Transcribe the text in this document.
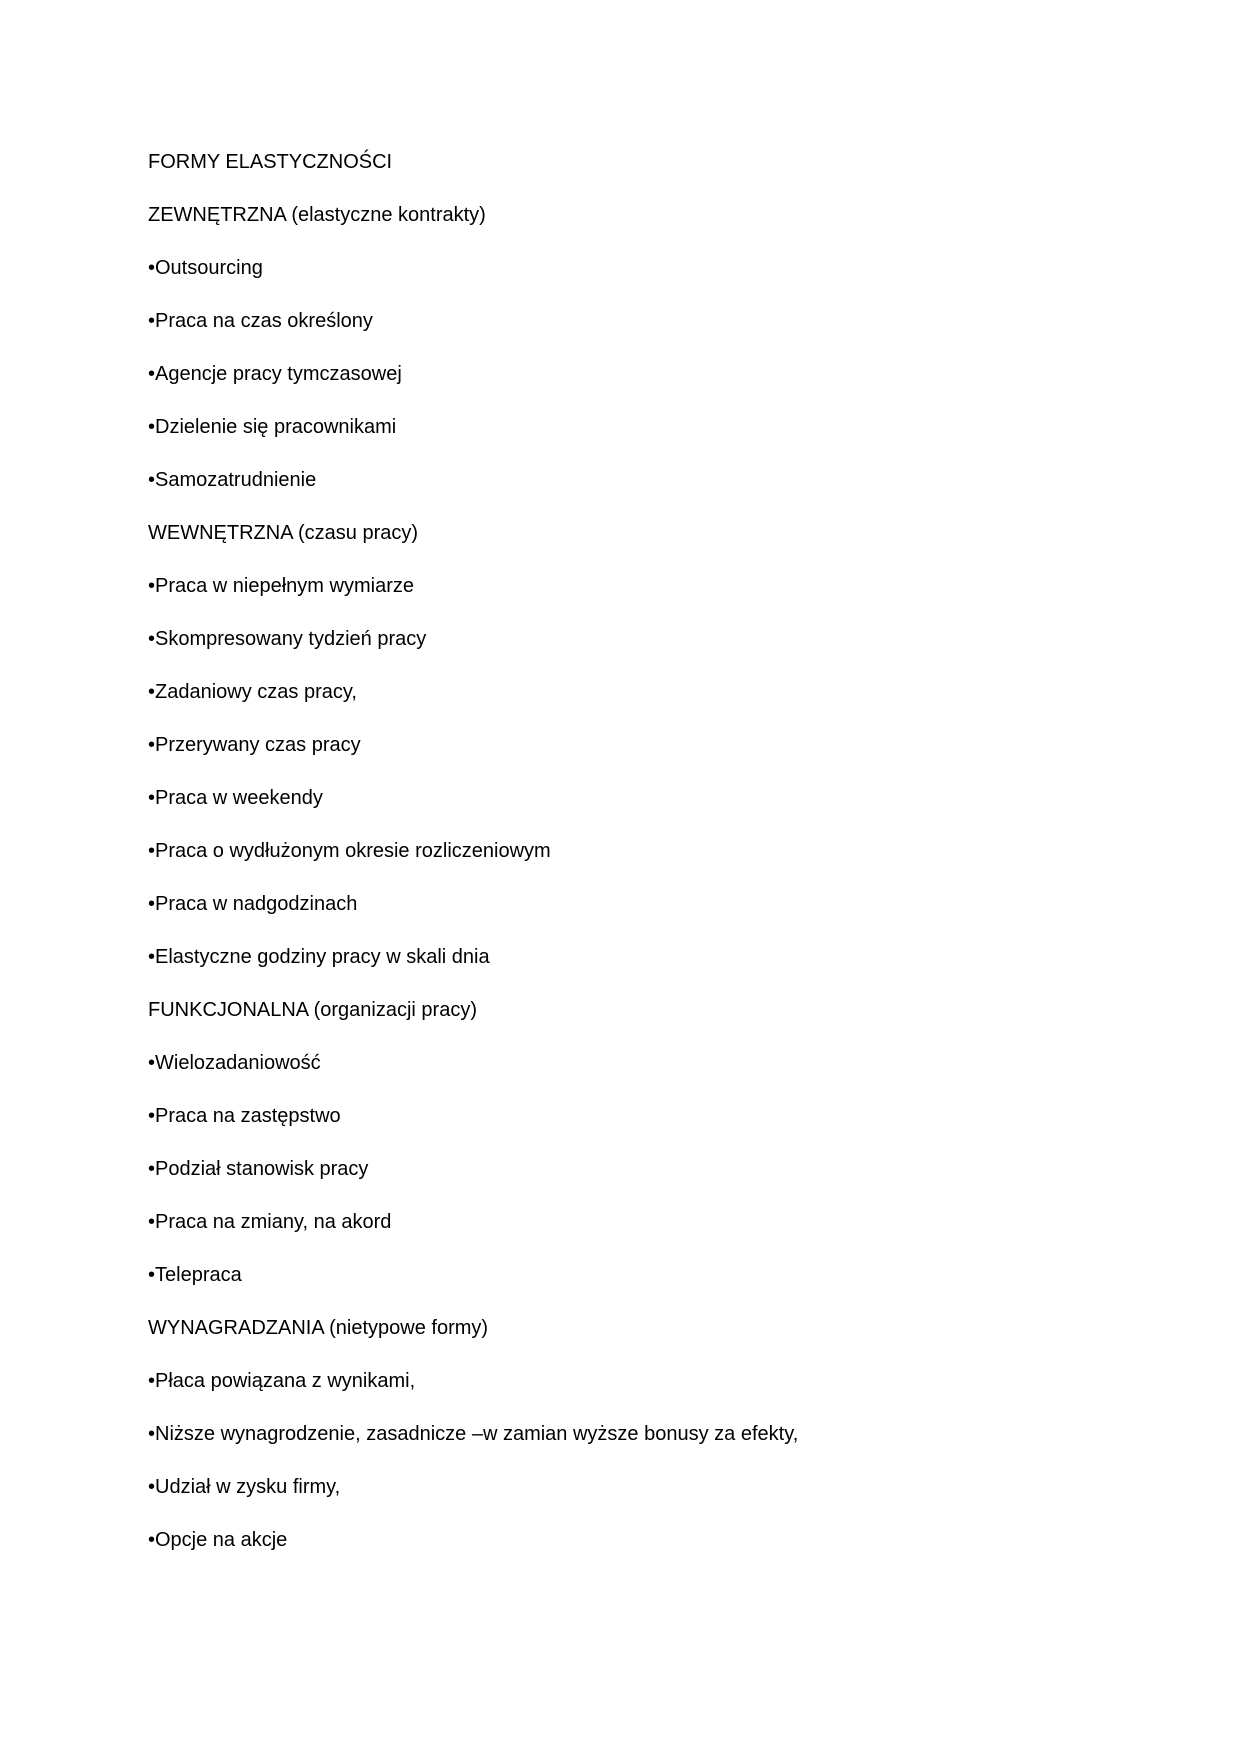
FORMY ELASTYCZNOŚCI
ZEWNĘTRZNA (elastyczne kontrakty)
•Outsourcing
•Praca na czas określony
•Agencje pracy tymczasowej
•Dzielenie się pracownikami
•Samozatrudnienie
WEWNĘTRZNA (czasu pracy)
•Praca w niepełnym wymiarze
•Skompresowany tydzień pracy
•Zadaniowy czas pracy,
•Przerywany czas pracy
•Praca w weekendy
•Praca o wydłużonym okresie rozliczeniowym
•Praca w nadgodzinach
•Elastyczne godziny pracy w skali dnia
FUNKCJONALNA (organizacji pracy)
•Wielozadaniowość
•Praca na zastępstwo
•Podział stanowisk pracy
•Praca na zmiany, na akord
•Telepraca
WYNAGRADZANIA (nietypowe formy)
•Płaca powiązana z wynikami,
•Niższe wynagrodzenie, zasadnicze –w zamian wyższe bonusy za efekty,
•Udział w zysku firmy,
•Opcje na akcje
